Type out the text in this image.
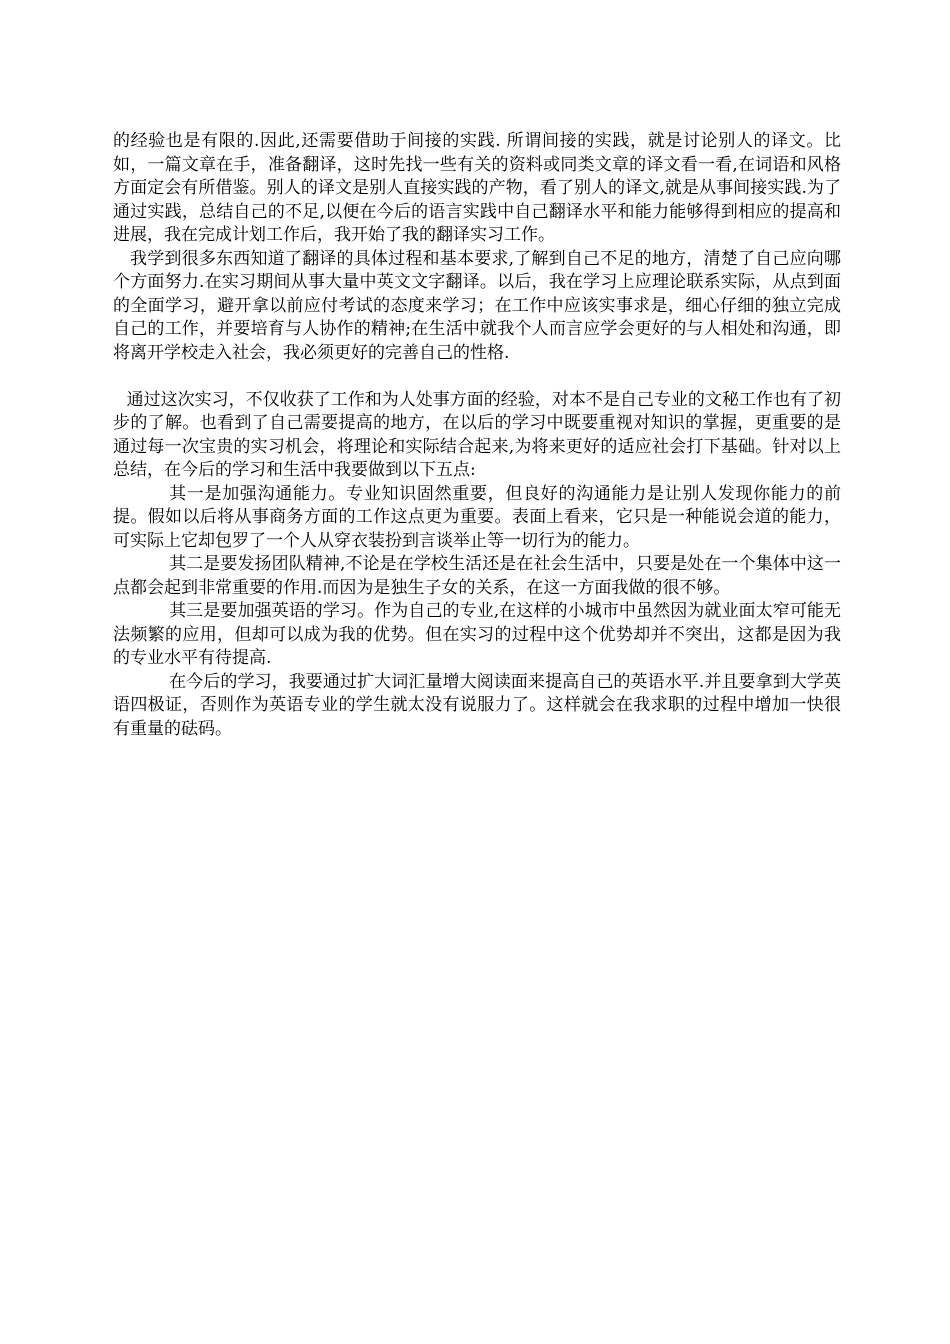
的经验也是有限的.因此,还需要借助于间接的实践. 所谓间接的实践，就是讨论别人的译文。比如，一篇文章在手，准备翻译，这时先找一些有关的资料或同类文章的译文看一看,在词语和风格方面定会有所借鉴。别人的译文是别人直接实践的产物，看了别人的译文,就是从事间接实践.为了通过实践，总结自己的不足,以便在今后的语言实践中自己翻译水平和能力能够得到相应的提高和进展，我在完成计划工作后，我开始了我的翻译实习工作。

我学到很多东西知道了翻译的具体过程和基本要求,了解到自己不足的地方，清楚了自己应向哪个方面努力.在实习期间从事大量中英文文字翻译。以后，我在学习上应理论联系实际，从点到面的全面学习，避开拿以前应付考试的态度来学习；在工作中应该实事求是，细心仔细的独立完成自己的工作，并要培育与人协作的精神;在生活中就我个人而言应学会更好的与人相处和沟通，即将离开学校走入社会，我必须更好的完善自己的性格.

通过这次实习，不仅收获了工作和为人处事方面的经验，对本不是自己专业的文秘工作也有了初步的了解。也看到了自己需要提高的地方，在以后的学习中既要重视对知识的掌握，更重要的是通过每一次宝贵的实习机会，将理论和实际结合起来,为将来更好的适应社会打下基础。针对以上总结，在今后的学习和生活中我要做到以下五点:

其一是加强沟通能力。专业知识固然重要，但良好的沟通能力是让别人发现你能力的前提。假如以后将从事商务方面的工作这点更为重要。表面上看来，它只是一种能说会道的能力，可实际上它却包罗了一个人从穿衣装扮到言谈举止等一切行为的能力。

其二是要发扬团队精神,不论是在学校生活还是在社会生活中，只要是处在一个集体中这一点都会起到非常重要的作用.而因为是独生子女的关系，在这一方面我做的很不够。

其三是要加强英语的学习。作为自己的专业,在这样的小城市中虽然因为就业面太窄可能无法频繁的应用，但却可以成为我的优势。但在实习的过程中这个优势却并不突出，这都是因为我的专业水平有待提高.

在今后的学习，我要通过扩大词汇量增大阅读面来提高自己的英语水平.并且要拿到大学英语四极证，否则作为英语专业的学生就太没有说服力了。这样就会在我求职的过程中增加一快很有重量的砝码。
